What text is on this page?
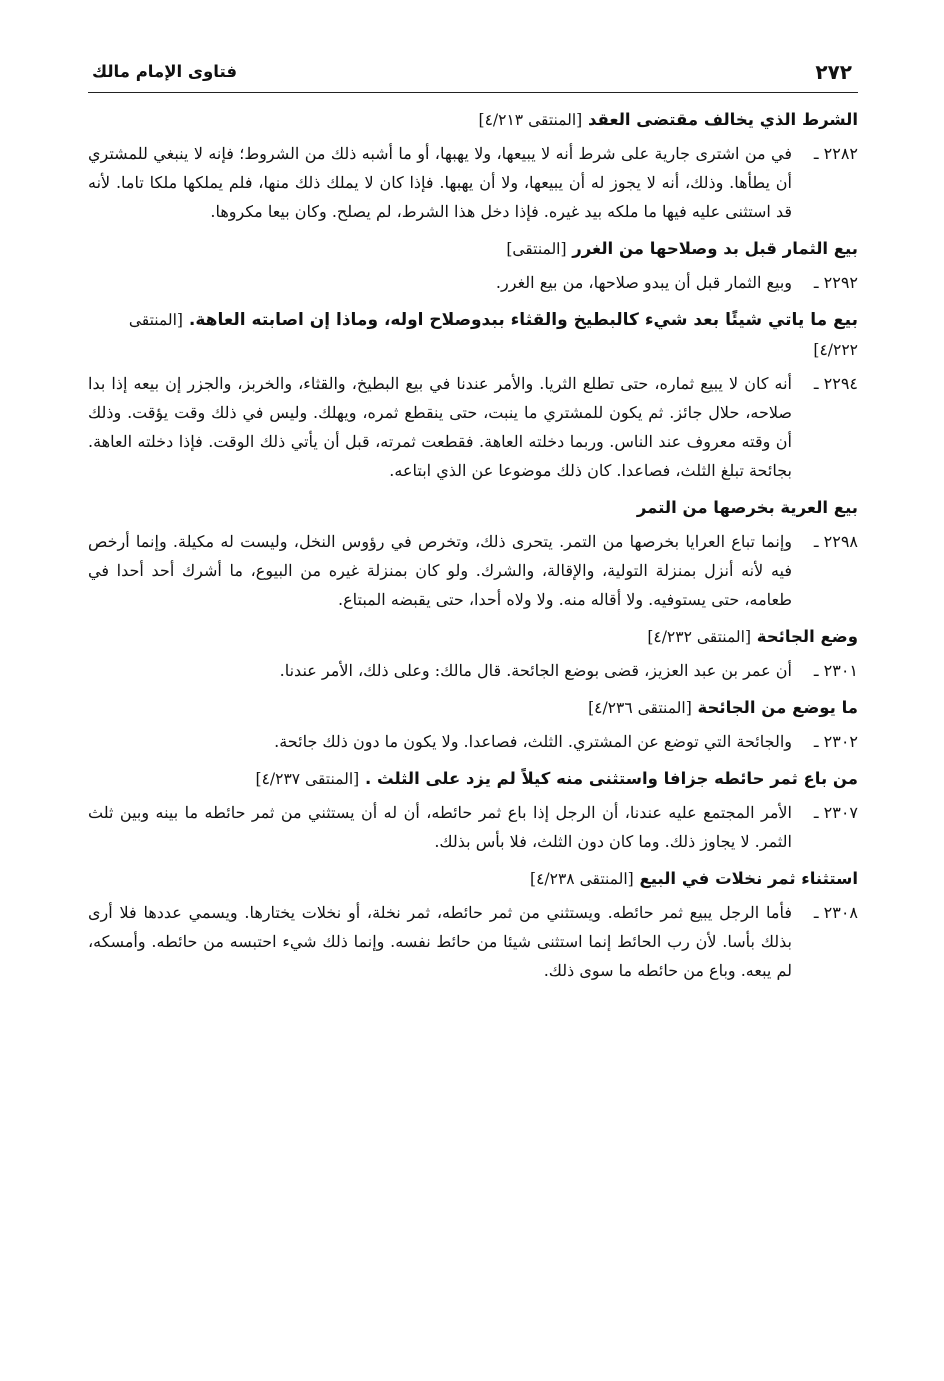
٢٧٢
فتاوى الإمام مالك
الشرط الذي يخالف مقتضى العقد [المنتقى ٤/٢١٣]
٢٢٨٢ ـ
في من اشترى جارية على شرط أنه لا يبيعها، ولا يهبها، أو ما أشبه ذلك من الشروط؛ فإنه لا ينبغي للمشتري أن يطأها. وذلك، أنه لا يجوز له أن يبيعها، ولا أن يهبها. فإذا كان لا يملك ذلك منها، فلم يملكها ملكا تاما. لأنه قد استثنى عليه فيها ما ملكه بيد غيره. فإذا دخل هذا الشرط، لم يصلح. وكان بيعا مكروها.
بيع الثمار قبل بد وصلاحها من الغرر [المنتقى]
٢٢٩٢ ـ
وبيع الثمار قبل أن يبدو صلاحها، من بيع الغرر.
بيع ما ياتي شيئًا بعد شيء كالبطيخ والقثاء ببدوصلاح اوله، وماذا إن اصابته العاهة. [المنتقى ٤/٢٢٢]
٢٢٩٤ ـ
أنه كان لا يبيع ثماره، حتى تطلع الثريا. والأمر عندنا في بيع البطيخ، والقثاء، والخربز، والجزر إن بيعه إذا بدا صلاحه، حلال جائز. ثم يكون للمشتري ما ينبت، حتى ينقطع ثمره، ويهلك. وليس في ذلك وقت يؤقت. وذلك أن وقته معروف عند الناس. وربما دخلته العاهة. فقطعت ثمرته، قبل أن يأتي ذلك الوقت. فإذا دخلته العاهة. بجائحة تبلغ الثلث، فصاعدا. كان ذلك موضوعا عن الذي ابتاعه.
بيع العرية بخرصها من التمر
٢٢٩٨ ـ
وإنما تباع العرايا بخرصها من التمر. يتحرى ذلك، وتخرص في رؤوس النخل، وليست له مكيلة. وإنما أرخص فيه لأنه أنزل بمنزلة التولية، والإقالة، والشرك. ولو كان بمنزلة غيره من البيوع، ما أشرك أحد أحدا في طعامه، حتى يستوفيه. ولا أقاله منه. ولا ولاه أحدا، حتى يقبضه المبتاع.
وضع الجائحة [المنتقى ٤/٢٣٢]
٢٣٠١ ـ
أن عمر بن عبد العزيز، قضى بوضع الجائحة. قال مالك: وعلى ذلك، الأمر عندنا.
ما يوضع من الجائحة [المنتقى ٤/٢٣٦]
٢٣٠٢ ـ
والجائحة التي توضع عن المشتري. الثلث، فصاعدا. ولا يكون ما دون ذلك جائحة.
من باع ثمر حائطه جزافا واستثنى منه كيلاً لم يزد على الثلث . [المنتقى ٤/٢٣٧]
٢٣٠٧ ـ
الأمر المجتمع عليه عندنا، أن الرجل إذا باع ثمر حائطه، أن له أن يستثني من ثمر حائطه ما بينه وبين ثلث الثمر. لا يجاوز ذلك. وما كان دون الثلث، فلا بأس بذلك.
استثناء ثمر نخلات في البيع [المنتقى ٤/٢٣٨]
٢٣٠٨ ـ
فأما الرجل يبيع ثمر حائطه. ويستثني من ثمر حائطه، ثمر نخلة، أو نخلات يختارها. ويسمي عددها فلا أرى بذلك بأسا. لأن رب الحائط إنما استثنى شيئا من حائط نفسه. وإنما ذلك شيء احتبسه من حائطه. وأمسكه، لم يبعه. وباع من حائطه ما سوى ذلك.
